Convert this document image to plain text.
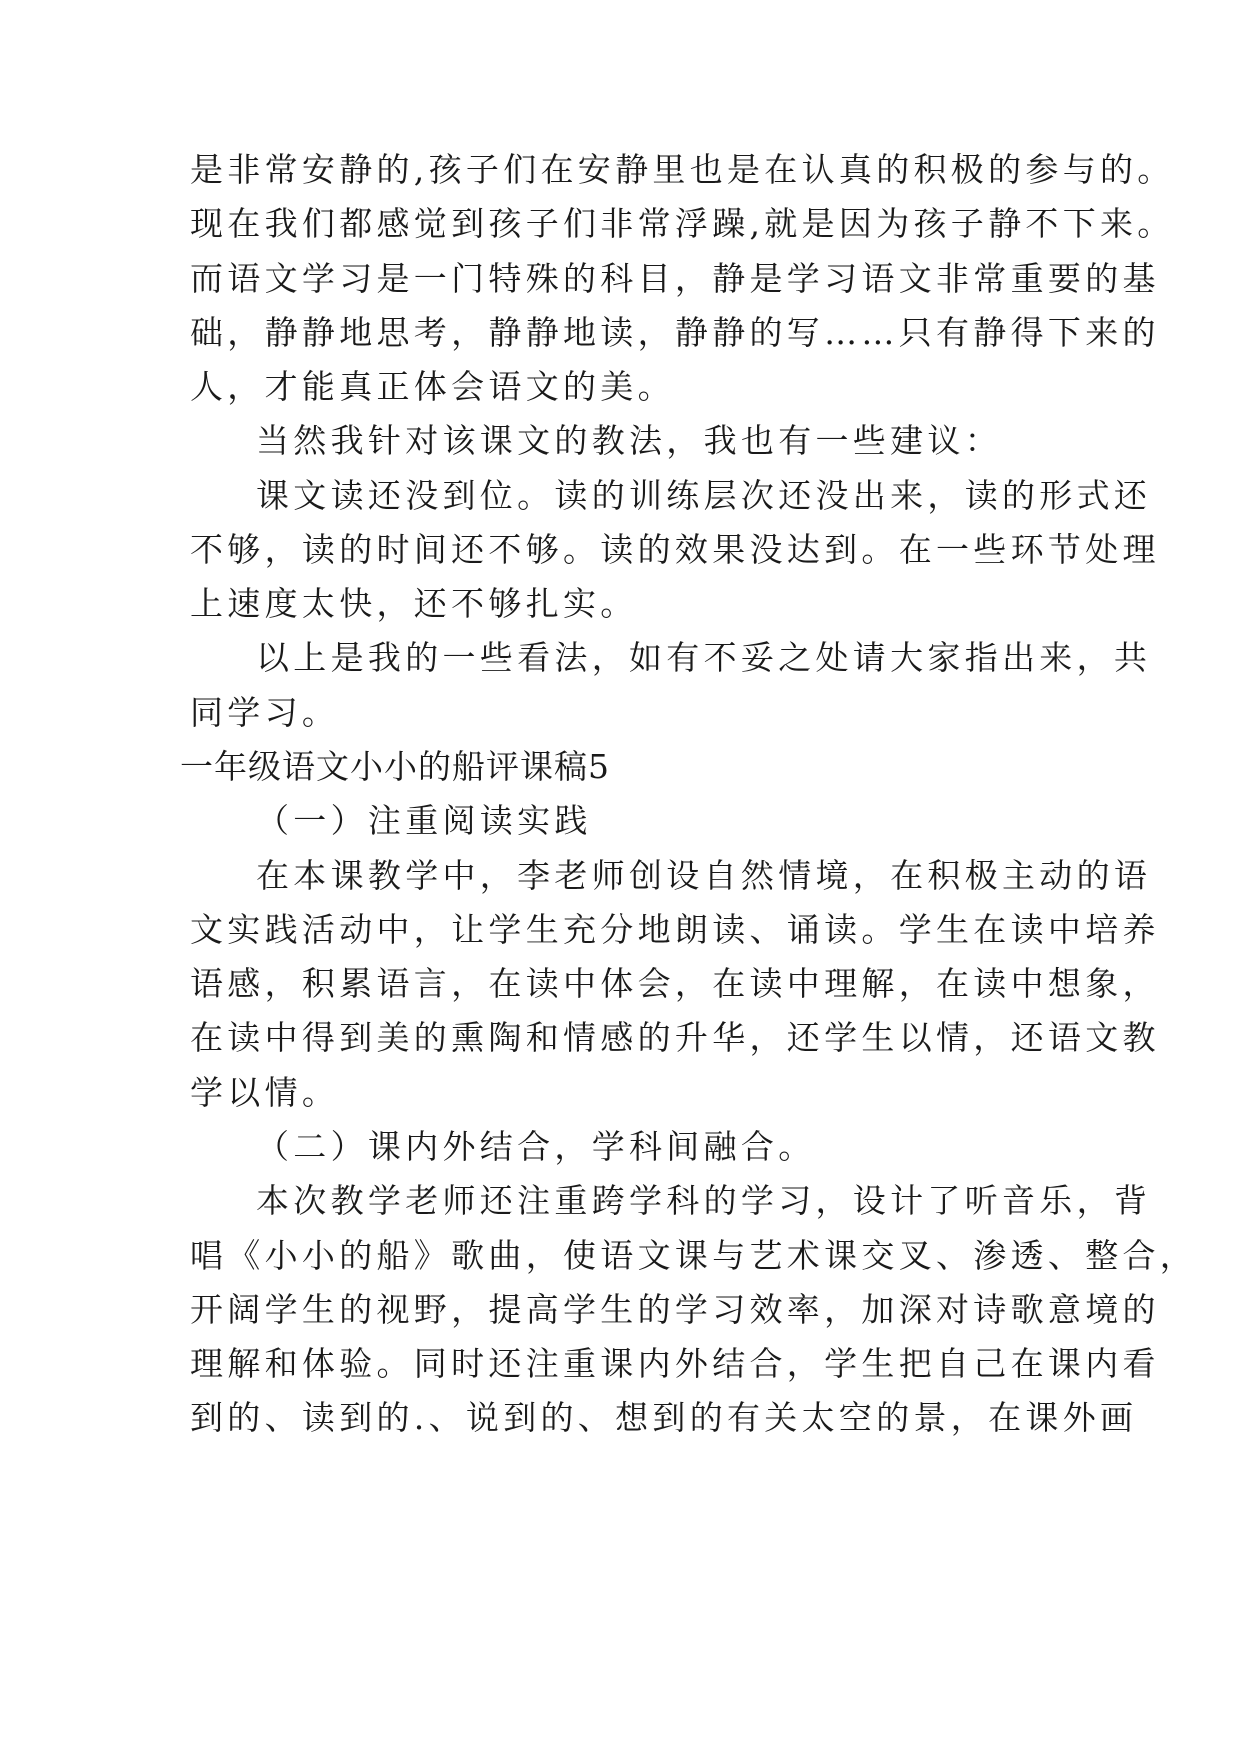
是非常安静的,孩子们在安静里也是在认真的积极的参与的。
现在我们都感觉到孩子们非常浮躁,就是因为孩子静不下来。
而语文学习是一门特殊的科目，静是学习语文非常重要的基
础，静静地思考，静静地读，静静的写……只有静得下来的
人，才能真正体会语文的美。
当然我针对该课文的教法，我也有一些建议：
课文读还没到位。读的训练层次还没出来，读的形式还
不够，读的时间还不够。读的效果没达到。在一些环节处理
上速度太快，还不够扎实。
以上是我的一些看法，如有不妥之处请大家指出来，共
同学习。
一年级语文小小的船评课稿5
（一）注重阅读实践
在本课教学中，李老师创设自然情境，在积极主动的语
文实践活动中，让学生充分地朗读、诵读。学生在读中培养
语感，积累语言，在读中体会，在读中理解，在读中想象，
在读中得到美的熏陶和情感的升华，还学生以情，还语文教
学以情。
（二）课内外结合，学科间融合。
本次教学老师还注重跨学科的学习，设计了听音乐，背
唱《小小的船》歌曲，使语文课与艺术课交叉、渗透、整合，
开阔学生的视野，提高学生的学习效率，加深对诗歌意境的
理解和体验。同时还注重课内外结合，学生把自己在课内看
到的、读到的.、说到的、想到的有关太空的景，在课外画
